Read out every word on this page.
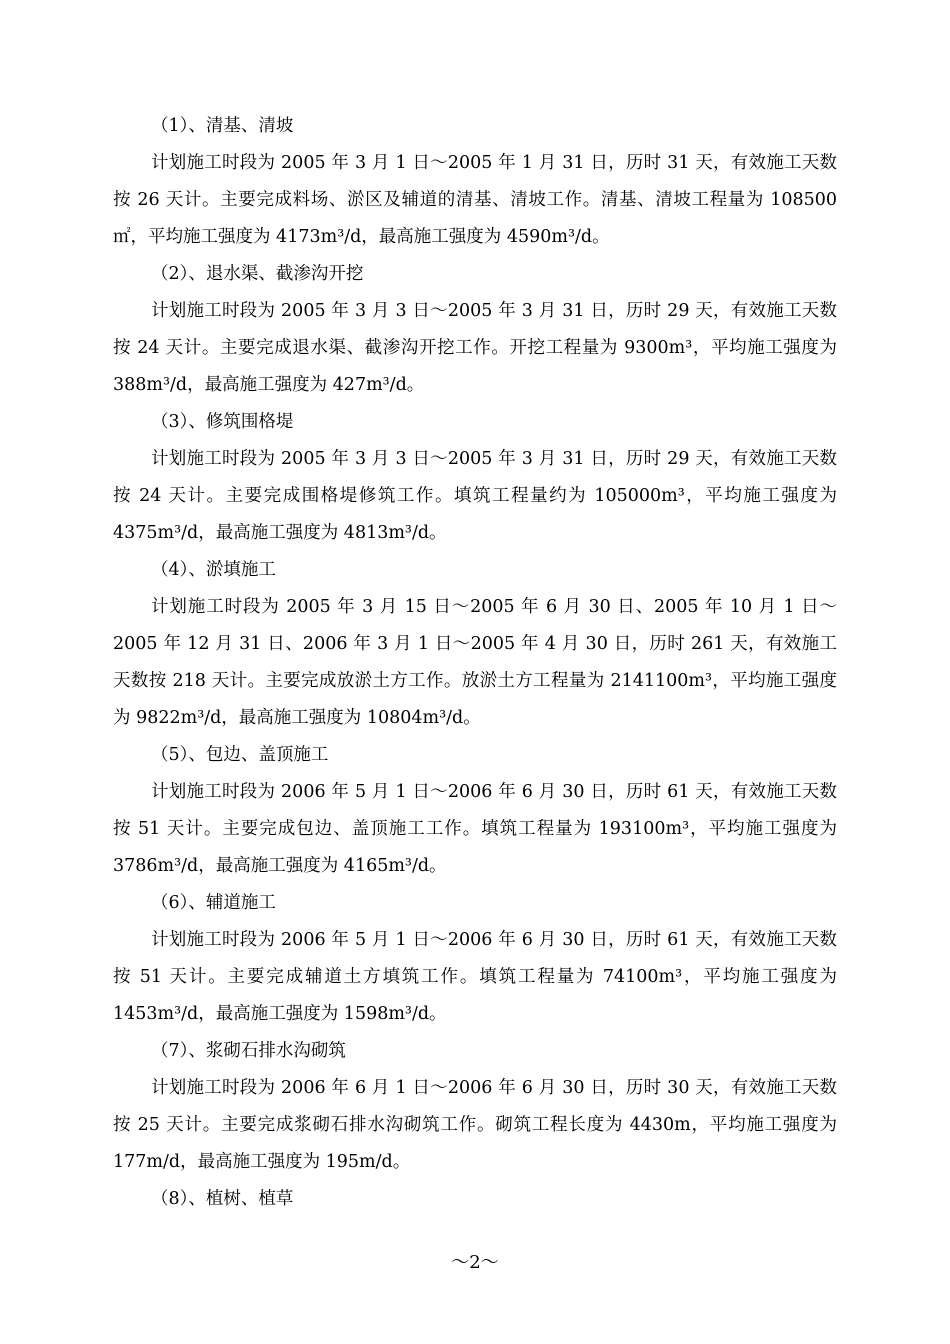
（1）、清基、清坡

计划施工时段为 2005 年 3 月 1 日～2005 年 1 月 31 日，历时 31 天，有效施工天数按 26 天计。主要完成料场、淤区及辅道的清基、清坡工作。清基、清坡工程量为 108500㎡，平均施工强度为 4173m³/d，最高施工强度为 4590m³/d。

（2）、退水渠、截渗沟开挖

计划施工时段为 2005 年 3 月 3 日～2005 年 3 月 31 日，历时 29 天，有效施工天数按 24 天计。主要完成退水渠、截渗沟开挖工作。开挖工程量为 9300m³，平均施工强度为 388m³/d，最高施工强度为 427m³/d。

（3）、修筑围格堤

计划施工时段为 2005 年 3 月 3 日～2005 年 3 月 31 日，历时 29 天，有效施工天数按 24 天计。主要完成围格堤修筑工作。填筑工程量约为 105000m³，平均施工强度为 4375m³/d，最高施工强度为 4813m³/d。

（4）、淤填施工

计划施工时段为 2005 年 3 月 15 日～2005 年 6 月 30 日、2005 年 10 月 1 日～2005 年 12 月 31 日、2006 年 3 月 1 日～2005 年 4 月 30 日，历时 261 天，有效施工天数按 218 天计。主要完成放淤土方工作。放淤土方工程量为 2141100m³，平均施工强度为 9822m³/d，最高施工强度为 10804m³/d。

（5）、包边、盖顶施工

计划施工时段为 2006 年 5 月 1 日～2006 年 6 月 30 日，历时 61 天，有效施工天数按 51 天计。主要完成包边、盖顶施工工作。填筑工程量为 193100m³，平均施工强度为 3786m³/d，最高施工强度为 4165m³/d。

（6）、辅道施工

计划施工时段为 2006 年 5 月 1 日～2006 年 6 月 30 日，历时 61 天，有效施工天数按 51 天计。主要完成辅道土方填筑工作。填筑工程量为 74100m³，平均施工强度为 1453m³/d，最高施工强度为 1598m³/d。

（7）、浆砌石排水沟砌筑

计划施工时段为 2006 年 6 月 1 日～2006 年 6 月 30 日，历时 30 天，有效施工天数按 25 天计。主要完成浆砌石排水沟砌筑工作。砌筑工程长度为 4430m，平均施工强度为 177m/d，最高施工强度为 195m/d。

（8）、植树、植草

～2～
